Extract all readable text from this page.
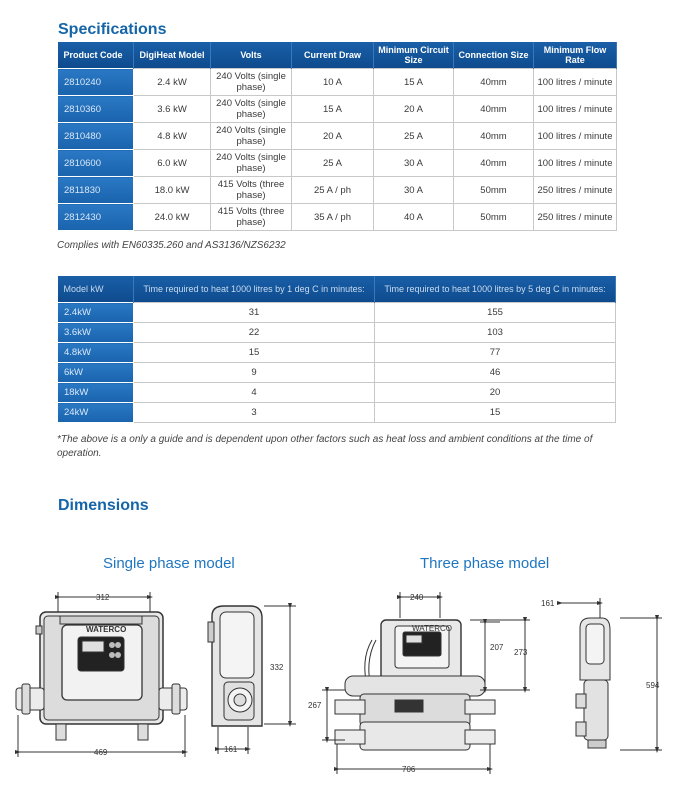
Specifications
Product Code	DigiHeat Model	Volts	Current Draw	Minimum Circuit Size	Connection Size	Minimum Flow Rate
2810240	2.4 kW	240 Volts (single phase)	10 A	15 A	40mm	100 litres / minute
2810360	3.6 kW	240 Volts (single phase)	15 A	20 A	40mm	100 litres / minute
2810480	4.8 kW	240 Volts (single phase)	20 A	25 A	40mm	100 litres / minute
2810600	6.0 kW	240 Volts (single phase)	25 A	30 A	40mm	100 litres / minute
2811830	18.0 kW	415 Volts (three phase)	25 A / ph	30 A	50mm	250 litres / minute
2812430	24.0 kW	415 Volts (three phase)	35 A / ph	40 A	50mm	250 litres / minute
Complies with EN60335.260 and AS3136/NZS6232
Model kW	Time required to heat 1000 litres by 1 deg C in minutes:	Time required to heat 1000 litres by 5 deg C in minutes:
2.4kW	31	155
3.6kW	22	103
4.8kW	15	77
6kW	9	46
18kW	4	20
24kW	3	15
*The above is a only a guide and is dependent upon other factors such as heat loss and ambient conditions at the time of operation.
Dimensions
Single phase model	Three phase model
WATERCO
WATERCO
312
469
332
161
240
207
273
267
706
161
594
